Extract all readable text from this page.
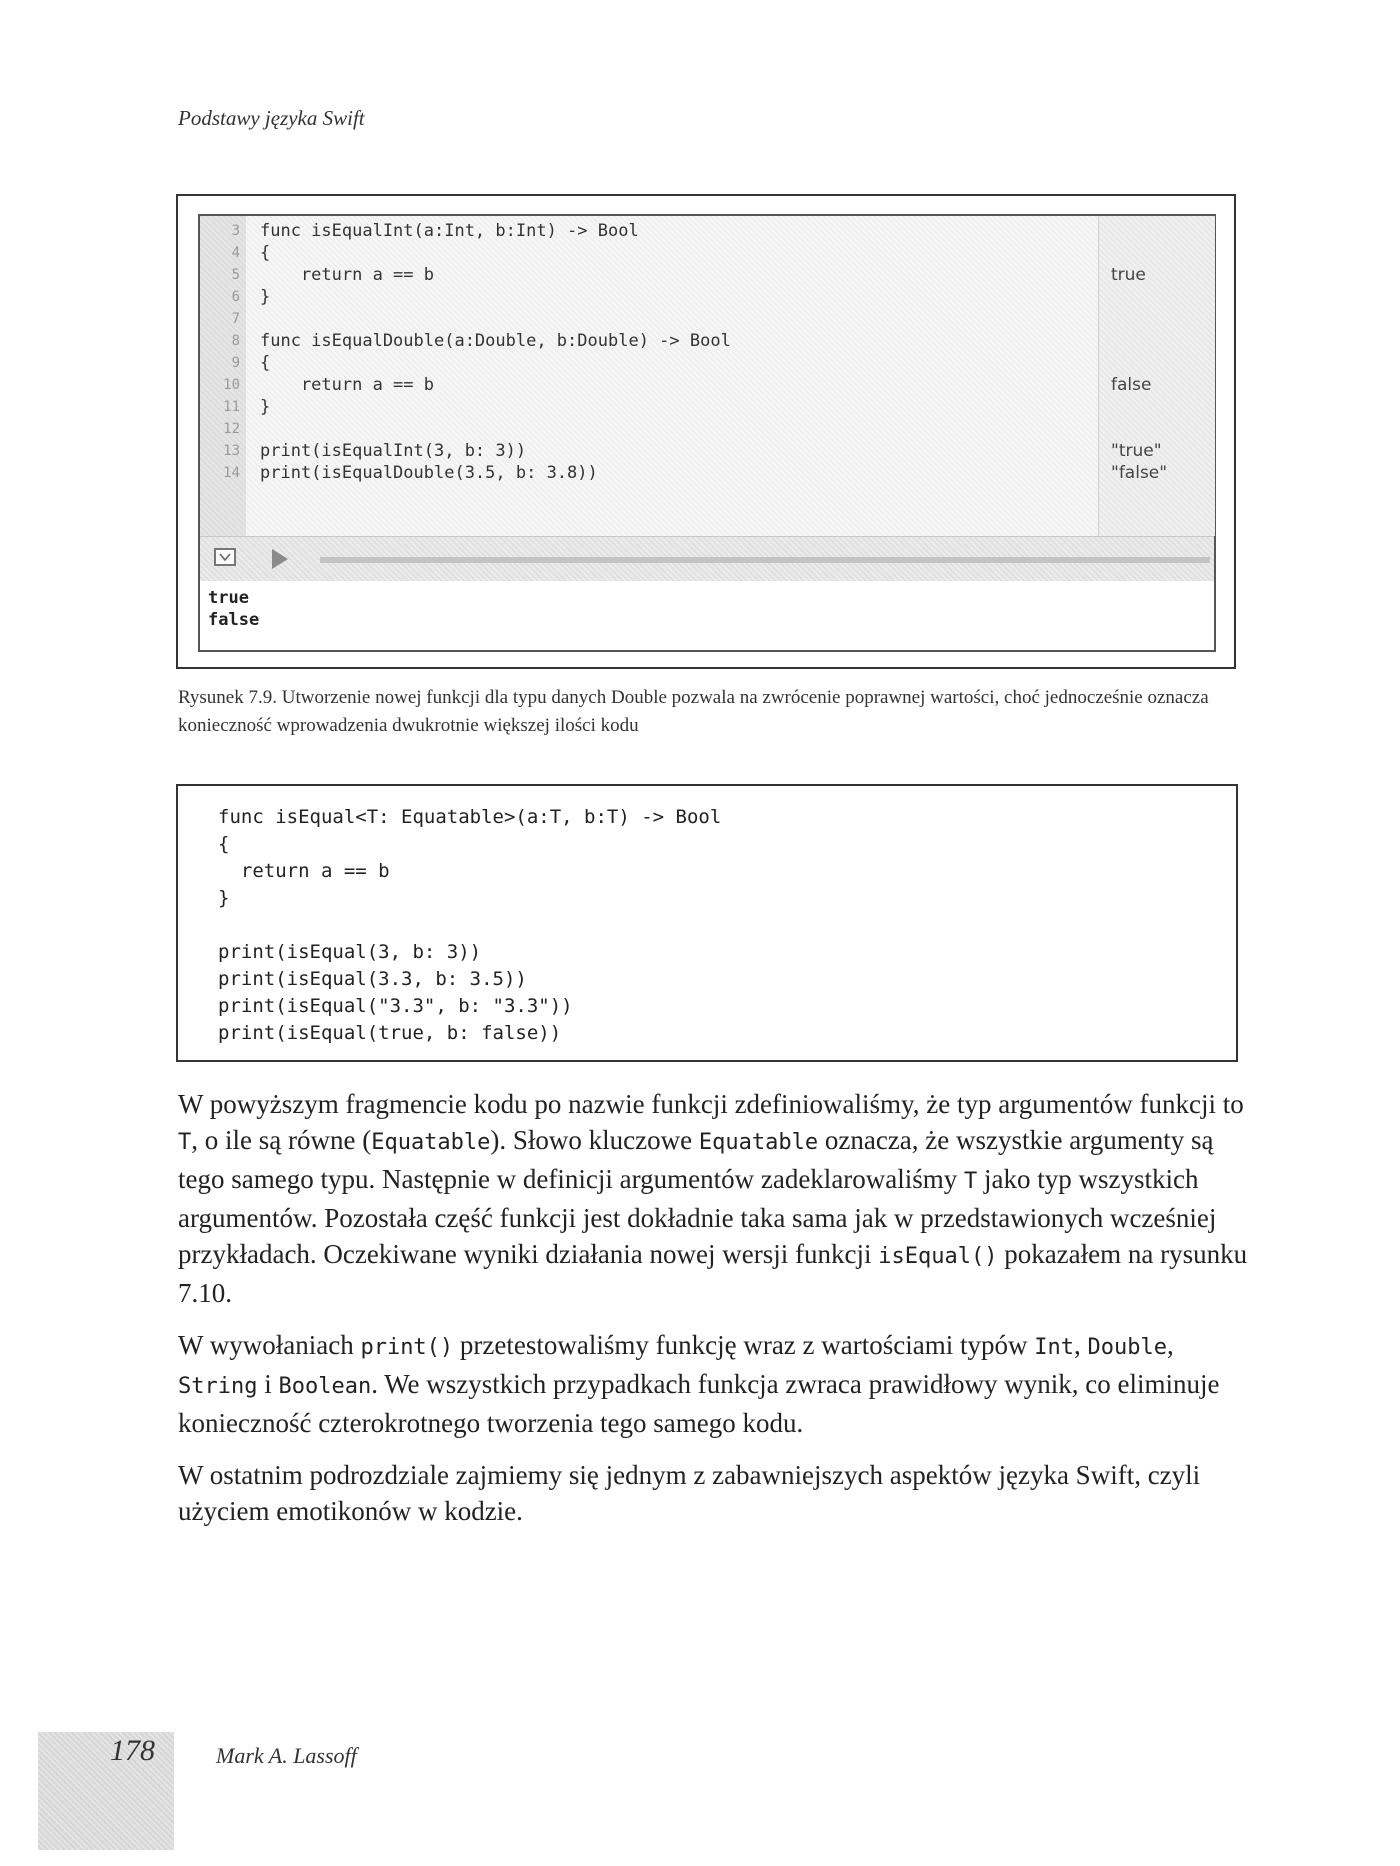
Podstawy języka Swift
3 func isEqualInt(a:Int, b:Int) -> Bool
4 {
5 return a == b
6 }
7
8 func isEqualDouble(a:Double, b:Double) -> Bool
9 {
10 return a == b
11 }
12
13 print(isEqualInt(3, b: 3))
14 print(isEqualDouble(3.5, b: 3.8))
true
false
"true"
"false"
true
false
Rysunek 7.9. Utworzenie nowej funkcji dla typu danych Double pozwala na zwrócenie poprawnej wartości, choć jednocześnie oznacza konieczność wprowadzenia dwukrotnie większej ilości kodu
func isEqual<T: Equatable>(a:T, b:T) -> Bool
{
return a == b
}
print(isEqual(3, b: 3))
print(isEqual(3.3, b: 3.5))
print(isEqual("3.3", b: "3.3"))
print(isEqual(true, b: false))

W powyższym fragmencie kodu po nazwie funkcji zdefiniowaliśmy, że typ argumentów funkcji to T, o ile są równe (Equatable). Słowo kluczowe Equatable oznacza, że wszystkie argumenty są tego samego typu. Następnie w definicji argumentów zadeklarowaliśmy T jako typ wszystkich argumentów. Pozostała część funkcji jest dokładnie taka sama jak w przedstawionych wcześniej przykładach. Oczekiwane wyniki działania nowej wersji funkcji isEqual() pokazałem na rysunku 7.10.

W wywołaniach print() przetestowaliśmy funkcję wraz z wartościami typów Int, Double, String i Boolean. We wszystkich przypadkach funkcja zwraca prawidłowy wynik, co eliminuje konieczność czterokrotnego tworzenia tego samego kodu.

W ostatnim podrozdziale zajmiemy się jednym z zabawniejszych aspektów języka Swift, czyli użyciem emotikonów w kodzie.

178	Mark A. Lassoff
